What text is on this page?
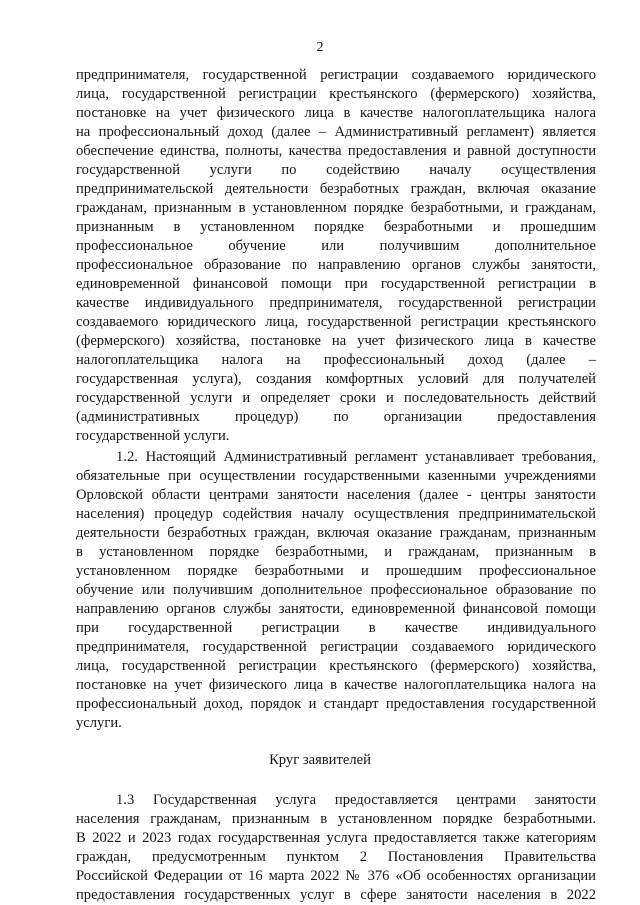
2
предпринимателя, государственной регистрации создаваемого юридического
лица, государственной регистрации крестьянского (фермерского) хозяйства,
постановке на учет физического лица в качестве налогоплательщика налога
на профессиональный доход (далее – Административный регламент) является
обеспечение единства, полноты, качества предоставления и равной доступности
государственной услуги по содействию началу осуществления
предпринимательской деятельности безработных граждан, включая оказание
гражданам, признанным в установленном порядке безработными, и гражданам,
признанным в установленном порядке безработными и прошедшим
профессиональное обучение или получившим дополнительное
профессиональное образование по направлению органов службы занятости,
единовременной финансовой помощи при государственной регистрации в
качестве индивидуального предпринимателя, государственной регистрации
создаваемого юридического лица, государственной регистрации крестьянского
(фермерского) хозяйства, постановке на учет физического лица в качестве
налогоплательщика налога на профессиональный доход (далее –
государственная услуга), создания комфортных условий для получателей
государственной услуги и определяет сроки и последовательность действий
(административных процедур) по организации предоставления
государственной услуги.
1.2. Настоящий Административный регламент устанавливает требования,
обязательные при осуществлении государственными казенными учреждениями
Орловской области центрами занятости населения (далее - центры занятости
населения) процедур содействия началу осуществления предпринимательской
деятельности безработных граждан, включая оказание гражданам, признанным
в установленном порядке безработными, и гражданам, признанным в
установленном порядке безработными и прошедшим профессиональное
обучение или получившим дополнительное профессиональное образование по
направлению органов службы занятости, единовременной финансовой помощи
при государственной регистрации в качестве индивидуального
предпринимателя, государственной регистрации создаваемого юридического
лица, государственной регистрации крестьянского (фермерского) хозяйства,
постановке на учет физического лица в качестве налогоплательщика налога на
профессиональный доход, порядок и стандарт предоставления государственной
услуги.
Круг заявителей
1.3 Государственная услуга предоставляется центрами занятости
населения гражданам, признанным в установленном порядке безработными.
В 2022 и 2023 годах государственная услуга предоставляется также категориям
граждан, предусмотренным пунктом 2 Постановления Правительства
Российской Федерации от 16 марта 2022 № 376 «Об особенностях организации
предоставления государственных услуг в сфере занятости населения в 2022
